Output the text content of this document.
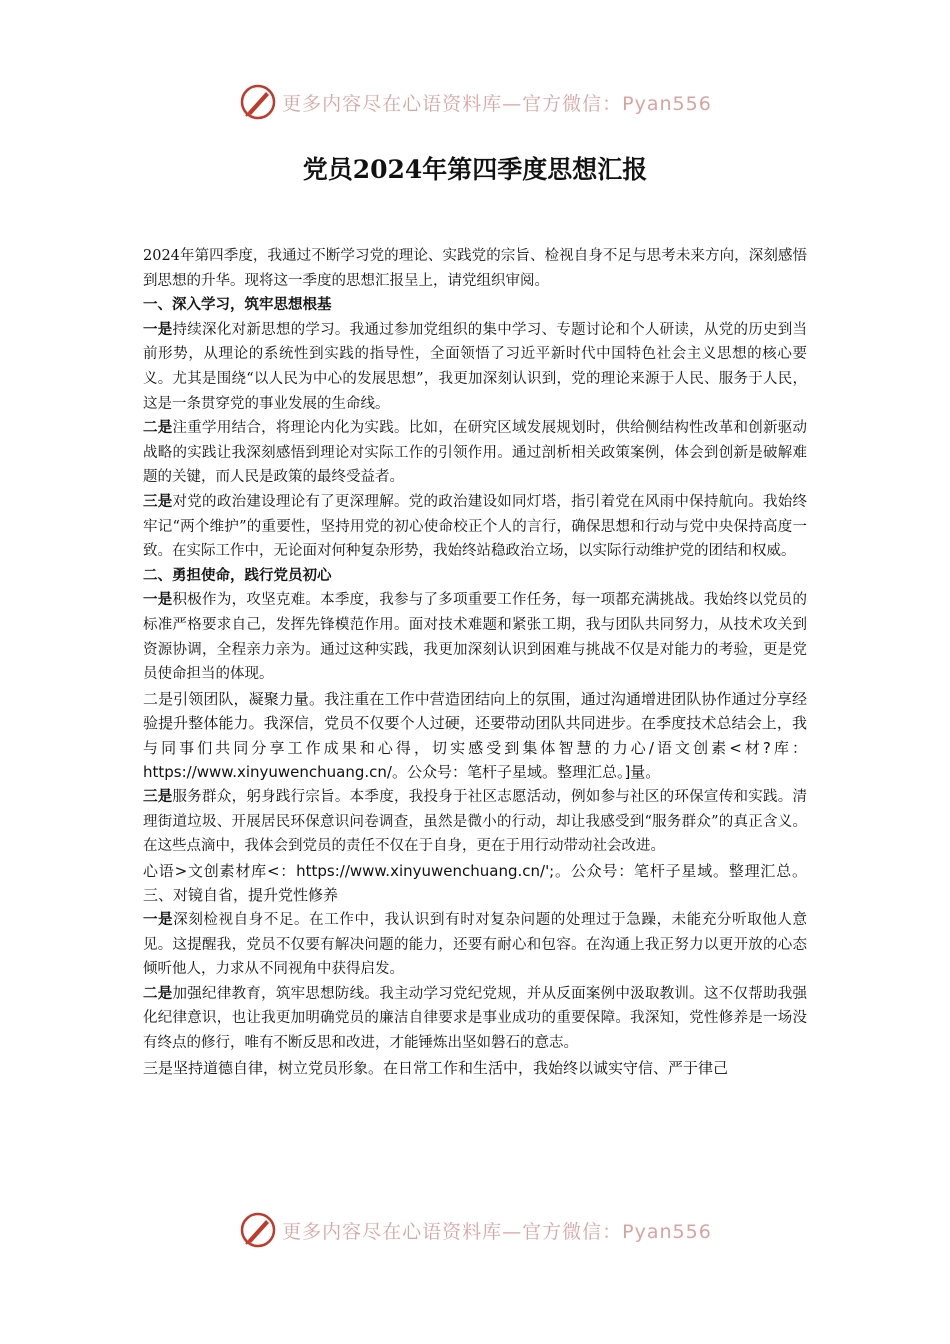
更多内容尽在心语资料库—官方微信：Pyan556
党员2024年第四季度思想汇报

2024年第四季度，我通过不断学习党的理论、实践党的宗旨、检视自身不足与思考未来方向，深刻感悟到思想的升华。现将这一季度的思想汇报呈上，请党组织审阅。

一、深入学习，筑牢思想根基

一是持续深化对新思想的学习。我通过参加党组织的集中学习、专题讨论和个人研读，从党的历史到当前形势，从理论的系统性到实践的指导性，全面领悟了习近平新时代中国特色社会主义思想的核心要义。尤其是围绕“以人民为中心的发展思想”，我更加深刻认识到，党的理论来源于人民、服务于人民，这是一条贯穿党的事业发展的生命线。

二是注重学用结合，将理论内化为实践。比如，在研究区域发展规划时，供给侧结构性改革和创新驱动战略的实践让我深刻感悟到理论对实际工作的引领作用。通过剖析相关政策案例，体会到创新是破解难题的关键，而人民是政策的最终受益者。

三是对党的政治建设理论有了更深理解。党的政治建设如同灯塔，指引着党在风雨中保持航向。我始终牢记“两个维护”的重要性，坚持用党的初心使命校正个人的言行，确保思想和行动与党中央保持高度一致。在实际工作中，无论面对何种复杂形势，我始终站稳政治立场，以实际行动维护党的团结和权威。

二、勇担使命，践行党员初心

一是积极作为，攻坚克难。本季度，我参与了多项重要工作任务，每一项都充满挑战。我始终以党员的标准严格要求自己，发挥先锋模范作用。面对技术难题和紧张工期，我与团队共同努力，从技术攻关到资源协调，全程亲力亲为。通过这种实践，我更加深刻认识到困难与挑战不仅是对能力的考验，更是党员使命担当的体现。

二是引领团队，凝聚力量。我注重在工作中营造团结向上的氛围，通过沟通增进团队协作通过分享经验提升整体能力。我深信，党员不仅要个人过硬，还要带动团队共同进步。在季度技术总结会上，我与同事们共同分享工作成果和心得，切实感受到集体智慧的力心/语文创素<材?库：https://www.xinyuwenchuang.cn/。公众号：笔杆子星域。整理汇总。]量。

三是服务群众，躬身践行宗旨。本季度，我投身于社区志愿活动，例如参与社区的环保宣传和实践。清理街道垃圾、开展居民环保意识问卷调查，虽然是微小的行动，却让我感受到“服务群众”的真正含义。在这些点滴中，我体会到党员的责任不仅在于自身，更在于用行动带动社会改进。

心语>文创素材库<：https://www.xinyuwenchuang.cn/';。公众号：笔杆子星域。整理汇总。三、对镜自省，提升党性修养

一是深刻检视自身不足。在工作中，我认识到有时对复杂问题的处理过于急躁，未能充分听取他人意见。这提醒我，党员不仅要有解决问题的能力，还要有耐心和包容。在沟通上我正努力以更开放的心态倾听他人，力求从不同视角中获得启发。

二是加强纪律教育，筑牢思想防线。我主动学习党纪党规，并从反面案例中汲取教训。这不仅帮助我强化纪律意识，也让我更加明确党员的廉洁自律要求是事业成功的重要保障。我深知，党性修养是一场没有终点的修行，唯有不断反思和改进，才能锤炼出坚如磐石的意志。

三是坚持道德自律，树立党员形象。在日常工作和生活中，我始终以诚实守信、严于律己

更多内容尽在心语资料库—官方微信：Pyan556
